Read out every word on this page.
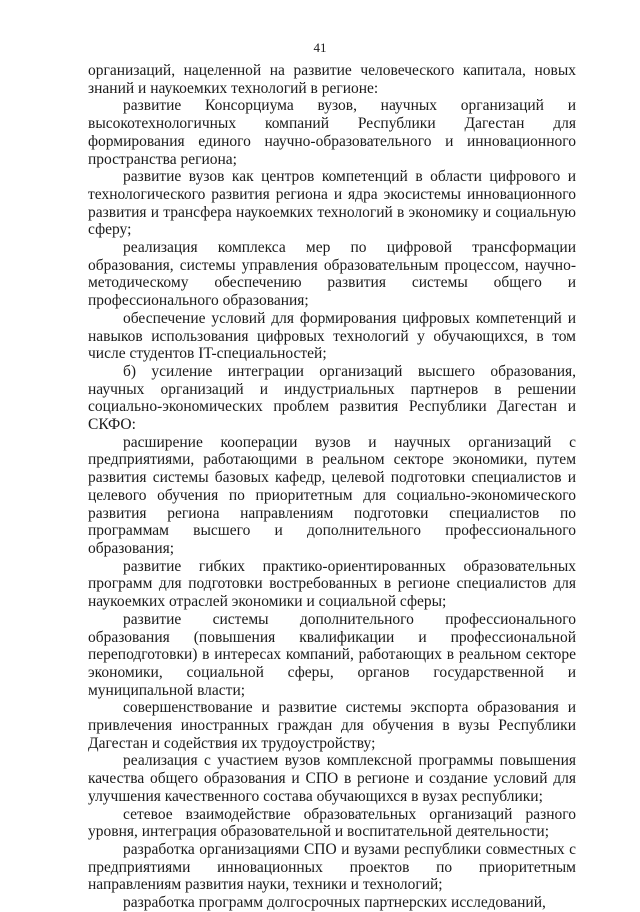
41

организаций, нацеленной на развитие человеческого капитала, новых знаний и наукоемких технологий в регионе:

развитие Консорциума вузов, научных организаций и высокотехнологичных компаний Республики Дагестан для формирования единого научно-образовательного и инновационного пространства региона;

развитие вузов как центров компетенций в области цифрового и технологического развития региона и ядра экосистемы инновационного развития и трансфера наукоемких технологий в экономику и социальную сферу;

реализация комплекса мер по цифровой трансформации образования, системы управления образовательным процессом, научно-методическому обеспечению развития системы общего и профессионального образования;

обеспечение условий для формирования цифровых компетенций и навыков использования цифровых технологий у обучающихся, в том числе студентов IT-специальностей;

б) усиление интеграции организаций высшего образования, научных организаций и индустриальных партнеров в решении социально-экономических проблем развития Республики Дагестан и СКФО:

расширение кооперации вузов и научных организаций с предприятиями, работающими в реальном секторе экономики, путем развития системы базовых кафедр, целевой подготовки специалистов и целевого обучения по приоритетным для социально-экономического развития региона направлениям подготовки специалистов по программам высшего и дополнительного профессионального образования;

развитие гибких практико-ориентированных образовательных программ для подготовки востребованных в регионе специалистов для наукоемких отраслей экономики и социальной сферы;

развитие системы дополнительного профессионального образования (повышения квалификации и профессиональной переподготовки) в интересах компаний, работающих в реальном секторе экономики, социальной сферы, органов государственной и муниципальной власти;

совершенствование и развитие системы экспорта образования и привлечения иностранных граждан для обучения в вузы Республики Дагестан и содействия их трудоустройству;

реализация с участием вузов комплексной программы повышения качества общего образования и СПО в регионе и создание условий для улучшения качественного состава обучающихся в вузах республики;

сетевое взаимодействие образовательных организаций разного уровня, интеграция образовательной и воспитательной деятельности;

разработка организациями СПО и вузами республики совместных с предприятиями инновационных проектов по приоритетным направлениям развития науки, техники и технологий;

разработка программ долгосрочных партнерских исследований,
